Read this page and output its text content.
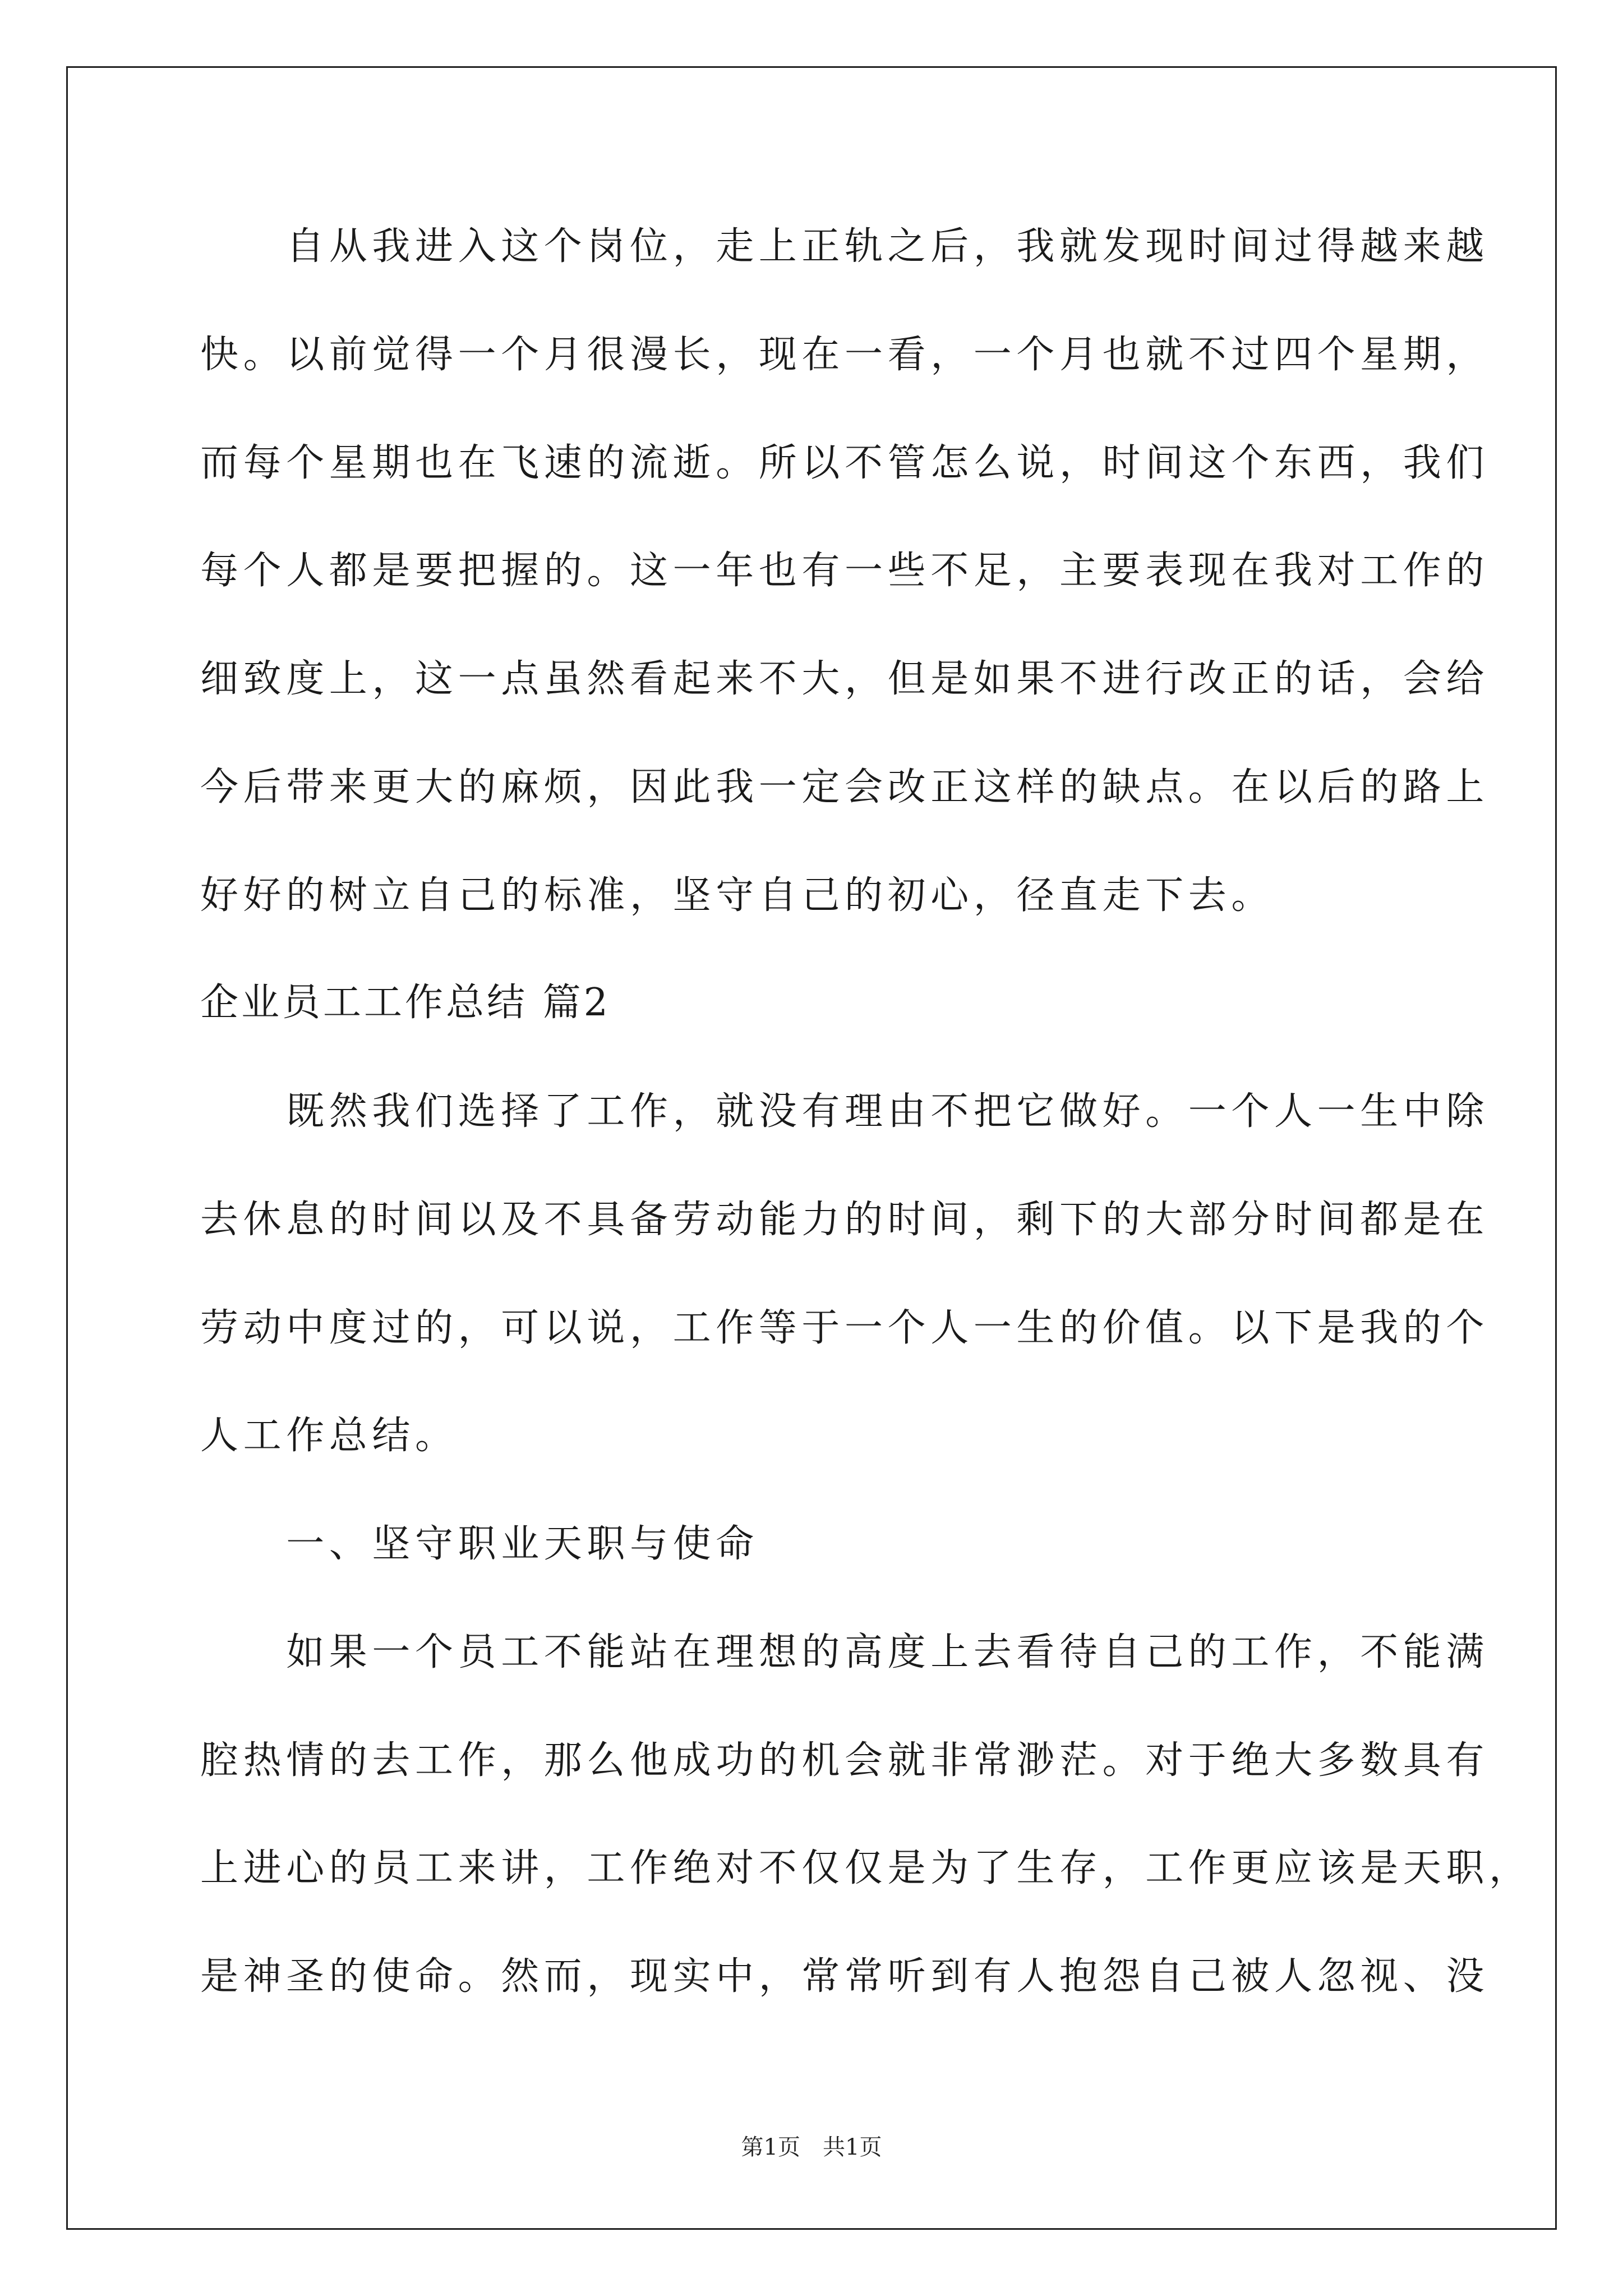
　　自从我进入这个岗位，走上正轨之后，我就发现时间过得越来越
快。以前觉得一个月很漫长，现在一看，一个月也就不过四个星期，
而每个星期也在飞速的流逝。所以不管怎么说，时间这个东西，我们
每个人都是要把握的。这一年也有一些不足，主要表现在我对工作的
细致度上，这一点虽然看起来不大，但是如果不进行改正的话，会给
今后带来更大的麻烦，因此我一定会改正这样的缺点。在以后的路上
好好的树立自己的标准，坚守自己的初心，径直走下去。
企业员工工作总结 篇2
　　既然我们选择了工作，就没有理由不把它做好。一个人一生中除
去休息的时间以及不具备劳动能力的时间，剩下的大部分时间都是在
劳动中度过的，可以说，工作等于一个人一生的价值。以下是我的个
人工作总结。
　　一、坚守职业天职与使命
　　如果一个员工不能站在理想的高度上去看待自己的工作，不能满
腔热情的去工作，那么他成功的机会就非常渺茫。对于绝大多数具有
上进心的员工来讲，工作绝对不仅仅是为了生存，工作更应该是天职，
是神圣的使命。然而，现实中，常常听到有人抱怨自己被人忽视、没
第1页　共1页
